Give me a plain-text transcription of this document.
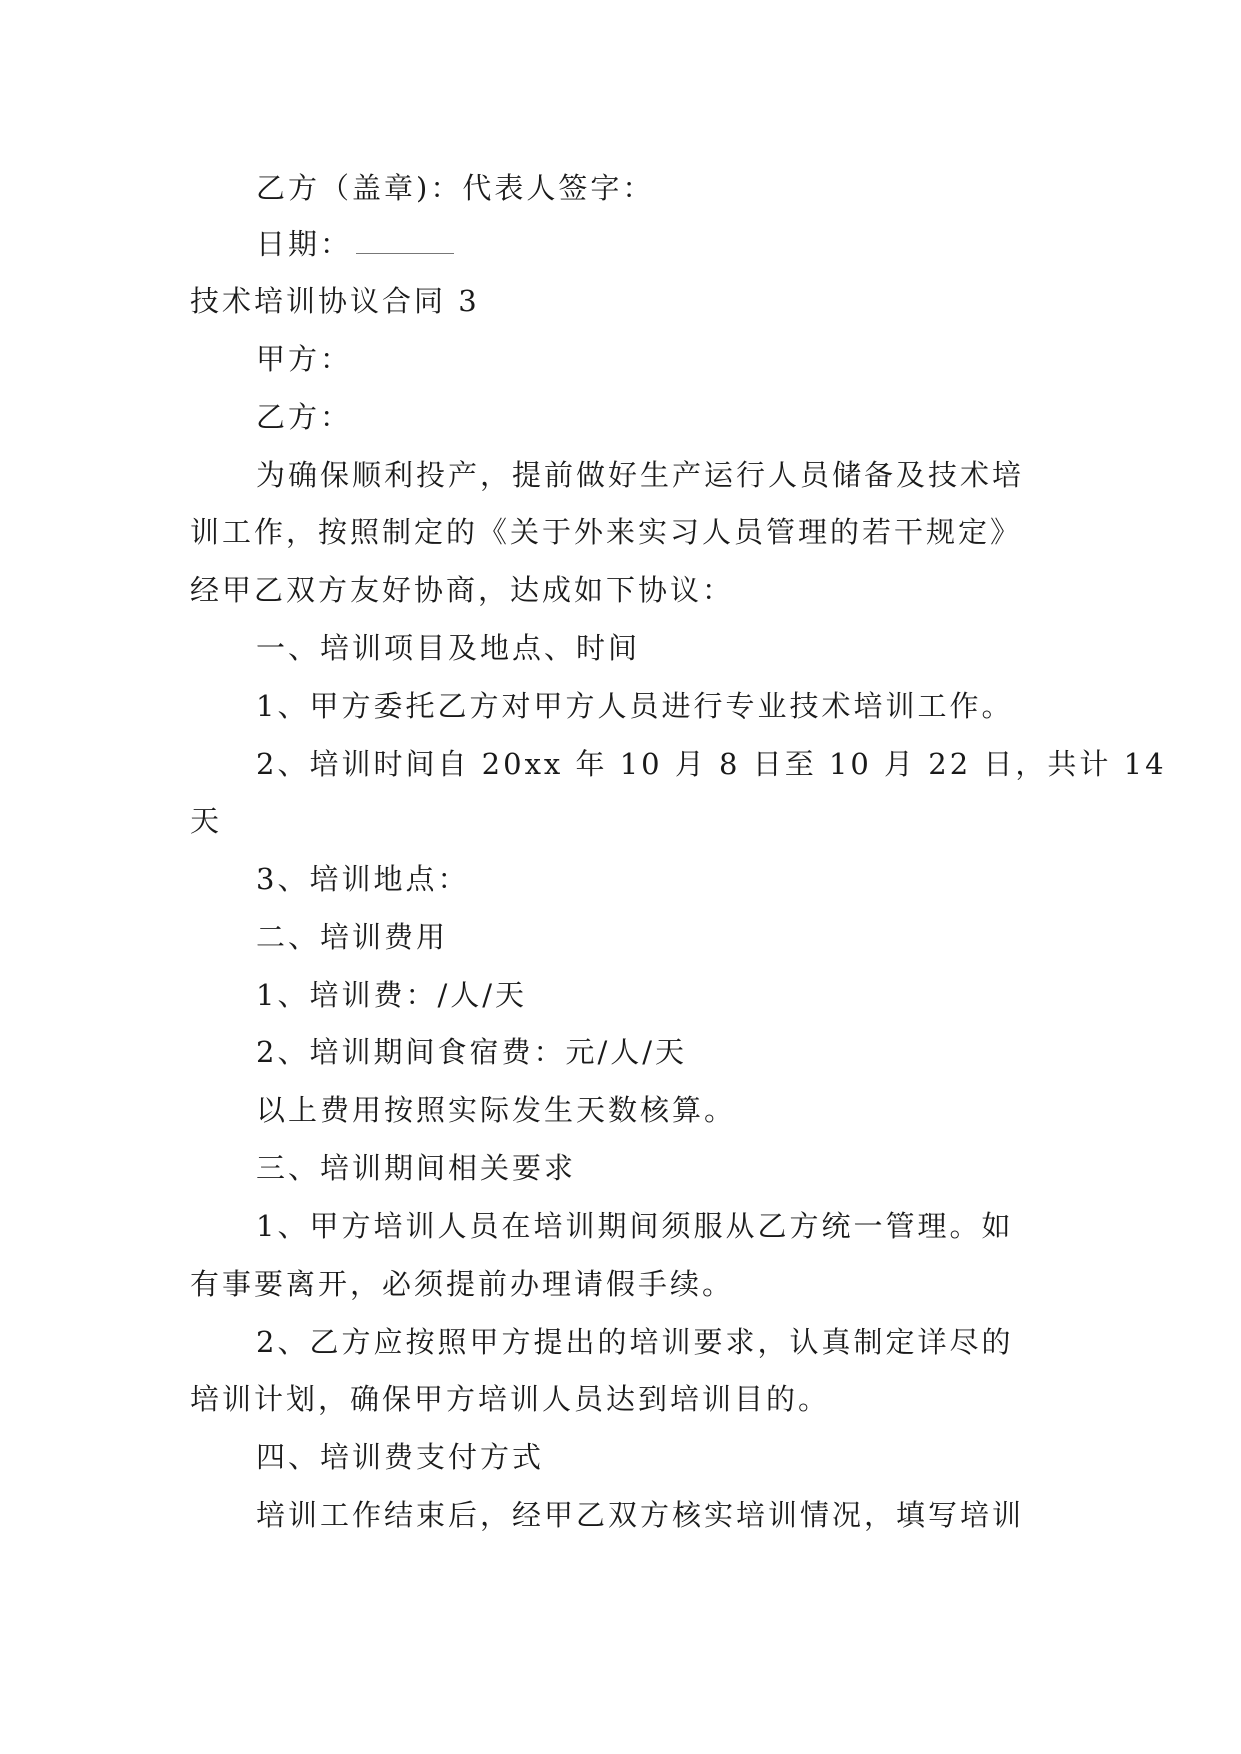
乙方（盖章)：代表人签字：
日期：
技术培训协议合同 3
甲方：
乙方：
为确保顺利投产，提前做好生产运行人员储备及技术培
训工作，按照制定的《关于外来实习人员管理的若干规定》
经甲乙双方友好协商，达成如下协议：
一、培训项目及地点、时间
1、甲方委托乙方对甲方人员进行专业技术培训工作。
2、培训时间自 20xx 年 10 月 8 日至 10 月 22 日，共计 14
天
3、培训地点：
二、培训费用
1、培训费：/人/天
2、培训期间食宿费：元/人/天
以上费用按照实际发生天数核算。
三、培训期间相关要求
1、甲方培训人员在培训期间须服从乙方统一管理。如
有事要离开，必须提前办理请假手续。
2、乙方应按照甲方提出的培训要求，认真制定详尽的
培训计划，确保甲方培训人员达到培训目的。
四、培训费支付方式
培训工作结束后，经甲乙双方核实培训情况，填写培训
